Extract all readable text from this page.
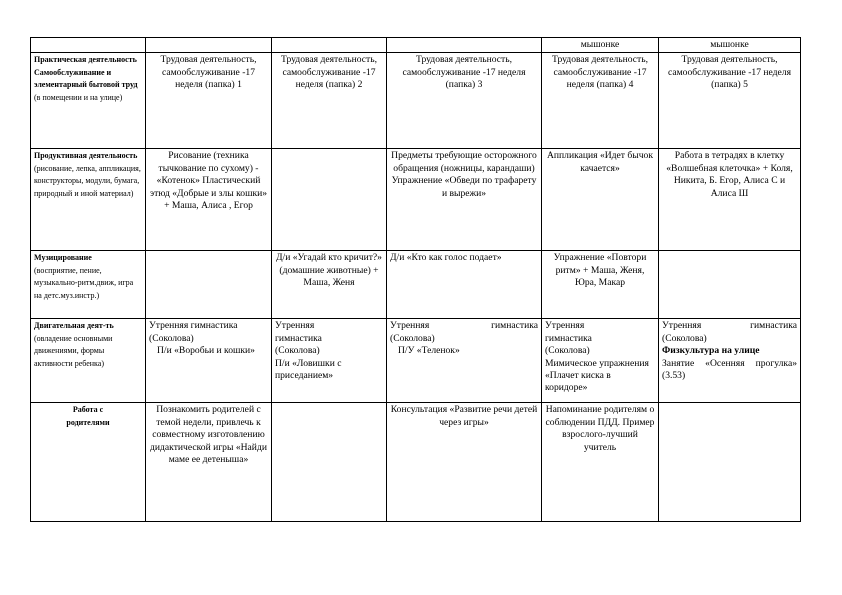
				мышонке	мышонке

Практическая деятельность Самообслуживание и элементарный бытовой труд
(в помещении и на улице)	Трудовая деятельность, самообслуживание -17 неделя (папка) 1	Трудовая деятельность, самообслуживание -17 неделя (папка) 2	Трудовая деятельность, самообслуживание -17 неделя (папка) 3	Трудовая деятельность, самообслуживание -17 неделя (папка) 4	Трудовая деятельность, самообслуживание -17 неделя (папка) 5

Продуктивная деятельность
(рисование, лепка, аппликация, конструкторы, модули, бумага, природный и иной материал)	Рисование (техника тычкование по сухому) - «Котенок» Пластический этюд «Добрые и злы кошки» + Маша, Алиса , Егор		Предметы требующие осторожного обращения (ножницы, карандаши) Упражнение «Обведи по трафарету и вырежи»	Аппликация «Идет бычок качается»	Работа в тетрадях в клетку «Волшебная клеточка» + Коля, Никита, Б. Егор, Алиса С и Алиса Ш

Музицирование
(восприятие, пение, музыкально-ритм.движ, игра на детс.муз.инстр.)		Д/и «Угадай кто кричит?» (домашние животные) + Маша, Женя	Д/и «Кто как голос подает»	Упражнение «Повтори ритм» + Маша, Женя, Юра, Макар	

Двигательная деят-ть
(овладение основными движениями, формы активности ребенка)	Утренняя гимнастика
(Соколова)
П/и «Воробьи и кошки»	Утренняя
гимнастика
(Соколова)
П/и «Ловишки с приседанием»	Утренняя гимнастика
(Соколова)
П/У «Теленок»	Утренняя
гимнастика
(Соколова)
Мимическое упражнения «Плачет киска в коридоре»	Утренняя гимнастика
(Соколова)
Физкультура на улице
Занятие «Осенняя прогулка» (3.53)

Работа с родителями	Познакомить родителей с темой недели, привлечь к совместному изготовлению дидактической игры «Найди маме ее детеныша»		Консультация «Развитие речи детей через игры»	Напоминание родителям о соблюдении ПДД. Пример взрослого-лучший учитель	
